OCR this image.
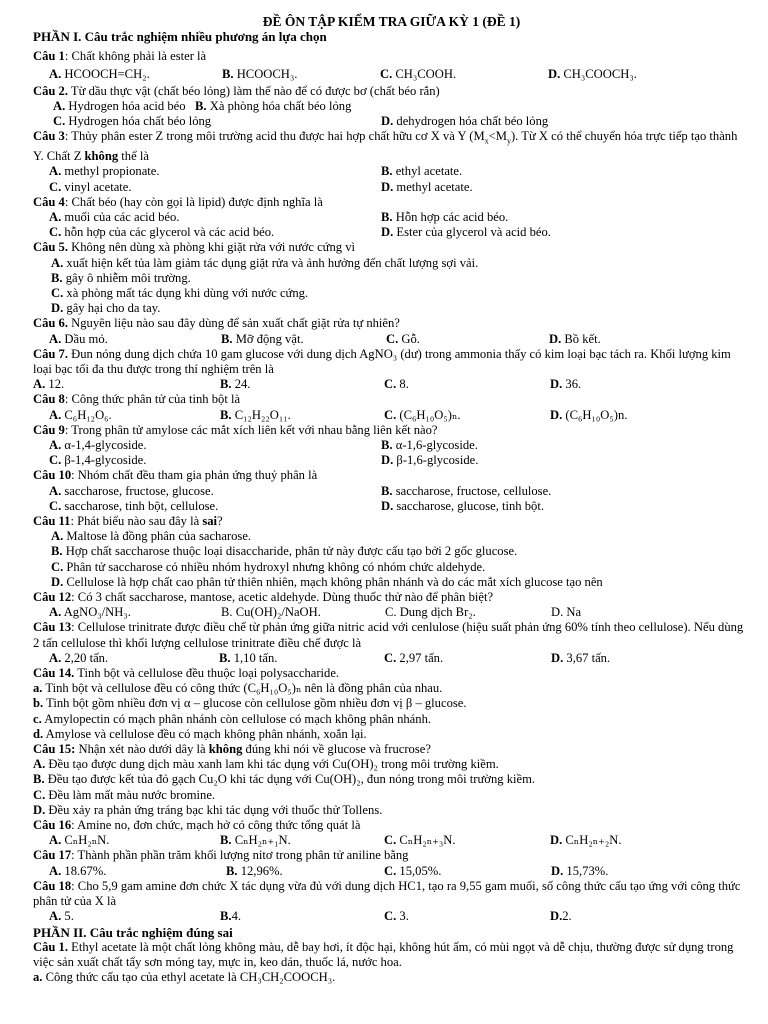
ĐỀ ÔN TẬP KIỂM TRA GIỮA KỲ 1 (ĐỀ 1)
PHẦN I. Câu trắc nghiệm nhiều phương án lựa chọn
Câu 1: Chất không phải là ester là
A. HCOOCH=CH₂.	B. HCOOCH₃.	C. CH₃COOH.	D. CH₃COOCH₃.
Câu 2. Từ dầu thực vật (chất béo lỏng) làm thế nào để có được bơ (chất béo rắn)
A. Hydrogen hóa acid béo B. Xà phòng hóa chất béo lỏng
C. Hydrogen hóa chất béo lỏng	D. dehydrogen hóa chất béo lỏng
Câu 3: Thủy phân ester Z trong môi trường acid thu được hai hợp chất hữu cơ X và Y $(M_x<M_y)$. Từ X có thể chuyển hóa trực tiếp tạo thành Y. Chất Z không thể là
A. methyl propionate.	B. ethyl acetate.
C. vinyl acetate.	D. methyl acetate.
Câu 4: Chất béo (hay còn gọi là lipid) được định nghĩa là
A. muối của các acid béo.	B. Hỗn hợp các acid béo.
C. hỗn hợp của các glycerol và các acid béo.	D. Ester của glycerol và acid béo.
Câu 5. Không nên dùng xà phòng khi giặt rửa với nước cứng vì
A. xuất hiện kết tủa làm giảm tác dụng giặt rửa và ảnh hưởng đến chất lượng sợi vải.
B. gây ô nhiễm môi trường.
C. xà phòng mất tác dụng khi dùng với nước cứng.
D. gây hại cho da tay.
Câu 6. Nguyên liệu nào sau đây dùng để sản xuất chất giặt rửa tự nhiên?
A. Dầu mỏ.	B. Mỡ động vật.	C. Gỗ.	D. Bồ kết.
Câu 7. Đun nóng dung dịch chứa 10 gam glucose với dung dịch AgNO₃ (dư) trong ammonia thấy có kim loại bạc tách ra. Khối lượng kim loại bạc tối đa thu được trong thí nghiệm trên là
A. 12.	B. 24.	C. 8.	D. 36.
Câu 8: Công thức phân tử của tinh bột là
A. C₆H₁₂O₆.	B. C₁₂H₂₂O₁₁.	C. (C₆H₁₀O₅)ₙ.	D. (C₆H₁₀O₅)n.
Câu 9: Trong phân tử amylose các mắt xích liên kết với nhau bằng liên kết nào?
A. α-1,4-glycoside.	B. α-1,6-glycoside.
C. β-1,4-glycoside.	D. β-1,6-glycoside.
Câu 10: Nhóm chất đều tham gia phản ứng thuỷ phân là
A. saccharose, fructose, glucose.	B. saccharose, fructose, cellulose.
C. saccharose, tinh bột, cellulose.	D. saccharose, glucose, tinh bột.
Câu 11: Phát biểu nào sau đây là sai?
A. Maltose là đồng phân của sacharose.
B. Hợp chất saccharose thuộc loại disaccharide, phân tử này được cấu tạo bởi 2 gốc glucose.
C. Phân tử saccharose có nhiều nhóm hydroxyl nhưng không có nhóm chức aldehyde.
D. Cellulose là hợp chất cao phân tử thiên nhiên, mạch không phân nhánh và do các mắt xích glucose tạo nên
Câu 12: Có 3 chất saccharose, mantose, acetic aldehyde. Dùng thuốc thử nào để phân biệt?
A. AgNO₃/NH₃.	B. Cu(OH)₂/NaOH.	C. Dung dịch Br₂.	D. Na
Câu 13: Cellulose trinitrate được điều chế từ phản ứng giữa nitric acid với cenlulose (hiệu suất phản ứng 60% tính theo cellulose). Nếu dùng 2 tấn cellulose thì khối lượng cellulose trinitrate điều chế được là
A. 2,20 tấn.	B. 1,10 tấn.	C. 2,97 tấn.	D. 3,67 tấn.
Câu 14. Tinh bột và cellulose đều thuộc loại polysaccharide.
a. Tinh bột và cellulose đều có công thức (C₆H₁₀O₅)ₙ nên là đồng phân của nhau.
b. Tinh bột gồm nhiều đơn vị α – glucose còn cellulose gồm nhiều đơn vị β – glucose.
c. Amylopectin có mạch phân nhánh còn cellulose có mạch không phân nhánh.
d. Amylose và cellulose đều có mạch không phân nhánh, xoắn lại.
Câu 15: Nhận xét nào dưới dây là không đúng khi nói về glucose và frucrose?
A. Đều tạo được dung dịch màu xanh lam khi tác dụng với Cu(OH)₂ trong môi trường kiềm.
B. Đều tạo được kết tủa đỏ gạch Cu₂O khi tác dụng với Cu(OH)₂, đun nóng trong môi trường kiềm.
C. Đều làm mất màu nước bromine.
D. Đều xảy ra phản ứng tráng bạc khi tác dụng với thuốc thử Tollens.
Câu 16: Amine no, đơn chức, mạch hở có công thức tổng quát là
A. CₙH₂ₙN.	B. CₙH₂ₙ₊₁N.	C. CₙH₂ₙ₊₃N.	D. CₙH₂ₙ₊₂N.
Câu 17: Thành phần phần trăm khối lượng nitơ trong phân tử aniline bằng
A. 18.67%.	B. 12,96%.	C. 15,05%.	D. 15,73%.
Câu 18: Cho 5,9 gam amine đơn chức X tác dụng vừa đủ với dung dịch HC1, tạo ra 9,55 gam muối, số công thức cấu tạo ứng với công thức phân tử của X là
A. 5.	B.4.	C. 3.	D.2.
PHẦN II. Câu trắc nghiệm đúng sai
Câu 1. Ethyl acetate là một chất lỏng không màu, dễ bay hơi, ít độc hại, không hút ẩm, có mùi ngọt và dễ chịu, thường được sử dụng trong việc sản xuất chất tẩy sơn móng tay, mực in, keo dán, thuốc lá, nước hoa.
a. Công thức cấu tạo của ethyl acetate là CH₃CH₂COOCH₃.
